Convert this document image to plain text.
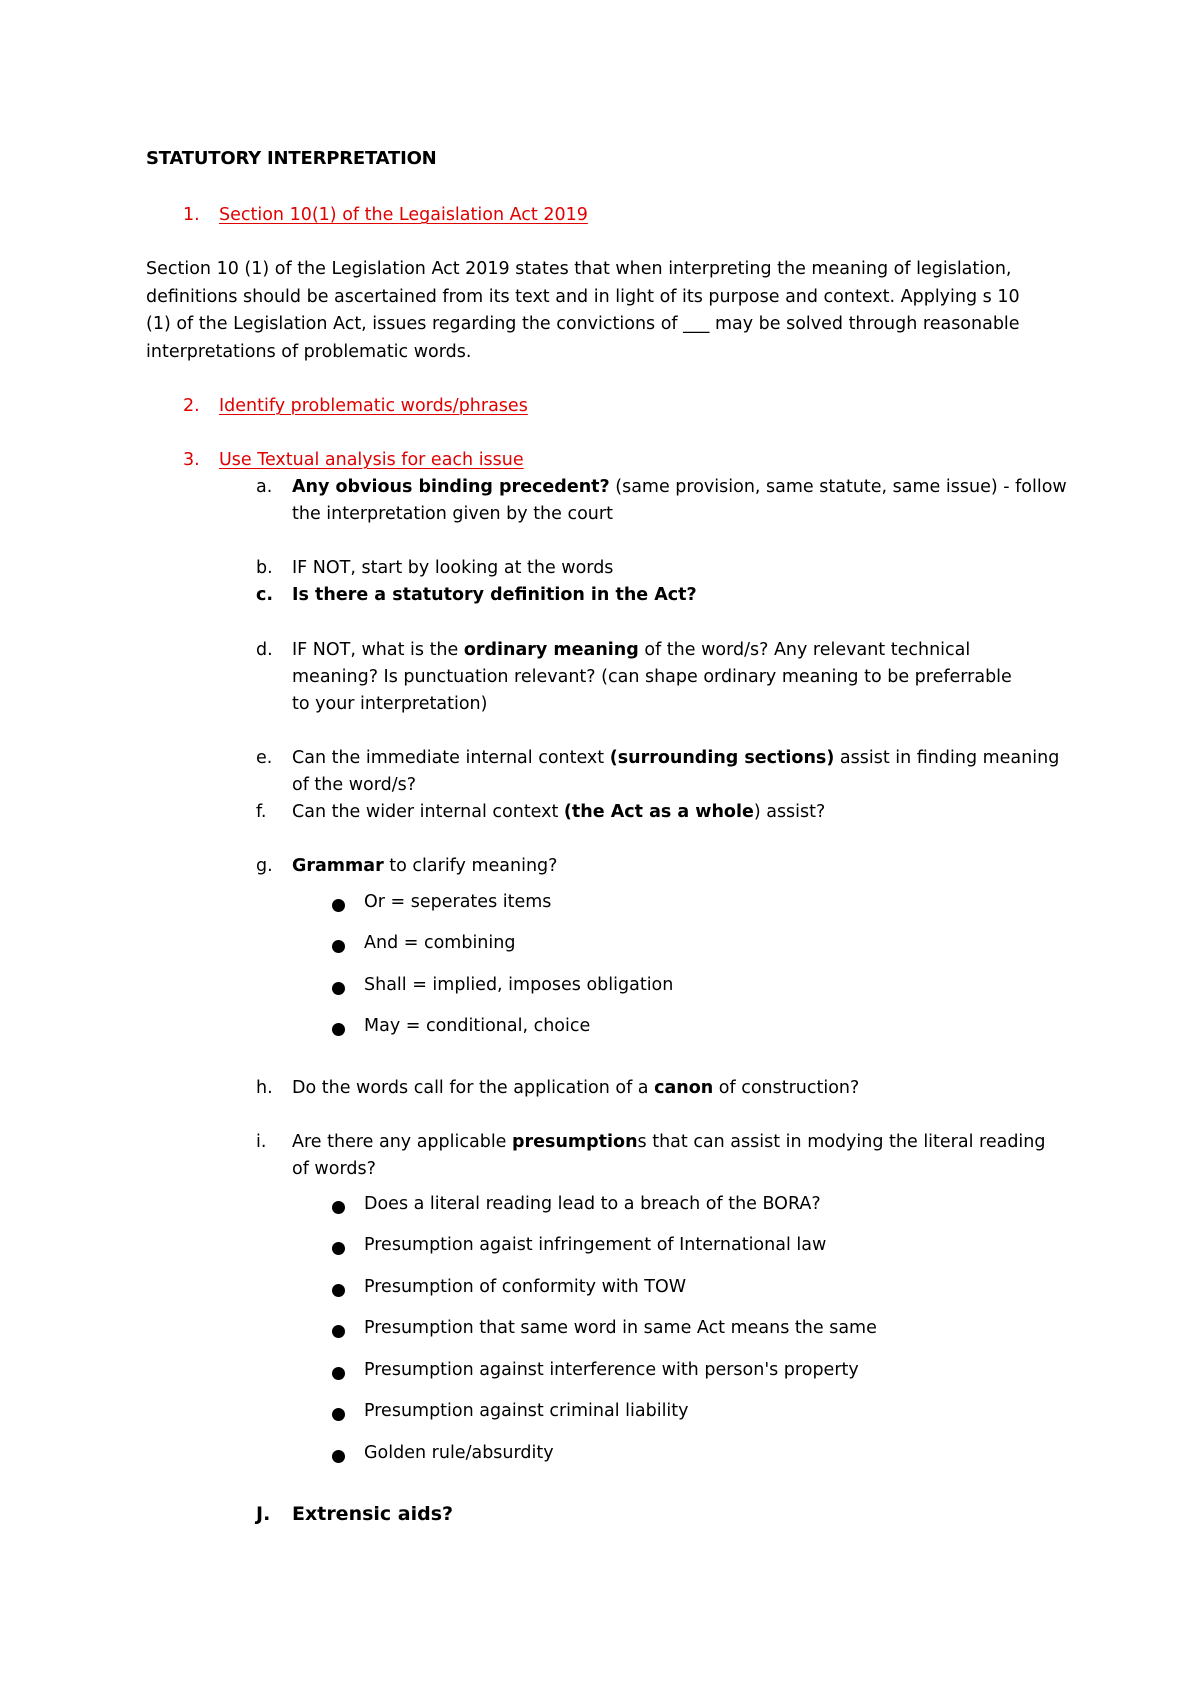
STATUTORY INTERPRETATION
1. Section 10(1) of the Legaislation Act 2019
Section 10 (1) of the Legislation Act 2019 states that when interpreting the meaning of legislation,
definitions should be ascertained from its text and in light of its purpose and context. Applying s 10
(1) of the Legislation Act, issues regarding the convictions of ___ may be solved through reasonable
interpretations of problematic words.
2. Identify problematic words/phrases
3. Use Textual analysis for each issue
a. Any obvious binding precedent? (same provision, same statute, same issue) - follow
the interpretation given by the court
b. IF NOT, start by looking at the words
c. Is there a statutory definition in the Act?
d. IF NOT, what is the ordinary meaning of the word/s? Any relevant technical
meaning? Is punctuation relevant? (can shape ordinary meaning to be preferrable
to your interpretation)
e. Can the immediate internal context (surrounding sections) assist in finding meaning
of the word/s?
f. Can the wider internal context (the Act as a whole) assist?
g. Grammar to clarify meaning?
Or = seperates items
And = combining
Shall = implied, imposes obligation
May = conditional, choice
h. Do the words call for the application of a canon of construction?
i. Are there any applicable presumptions that can assist in modying the literal reading
of words?
Does a literal reading lead to a breach of the BORA?
Presumption agaist infringement of International law
Presumption of conformity with TOW
Presumption that same word in same Act means the same
Presumption against interference with person's property
Presumption against criminal liability
Golden rule/absurdity
J. Extrensic aids?
